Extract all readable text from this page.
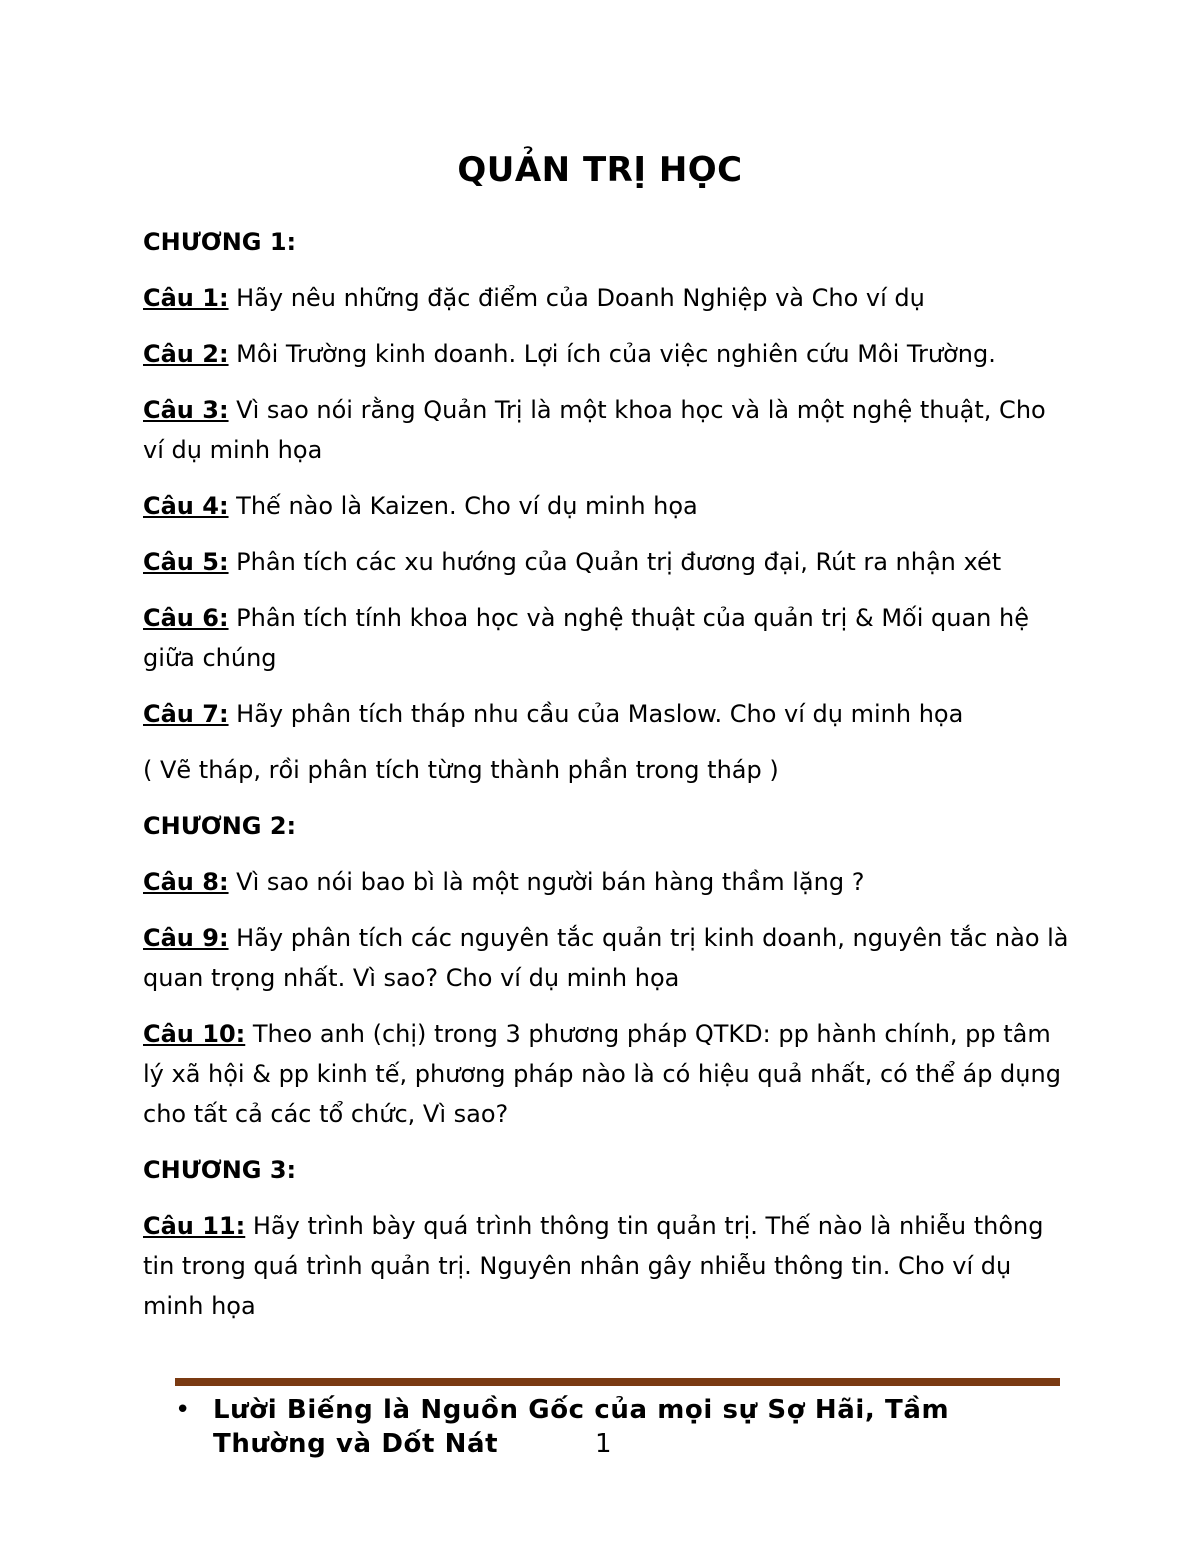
QUẢN TRỊ HỌC

CHƯƠNG 1:

Câu 1: Hãy nêu những đặc điểm của Doanh Nghiệp và Cho ví dụ

Câu 2: Môi Trường kinh doanh. Lợi ích của việc nghiên cứu Môi Trường.

Câu 3: Vì sao nói rằng Quản Trị là một khoa học và là một nghệ thuật, Cho ví dụ minh họa

Câu 4: Thế nào là Kaizen. Cho ví dụ minh họa

Câu 5: Phân tích các xu hướng của Quản trị đương đại, Rút ra nhận xét

Câu 6: Phân tích tính khoa học và nghệ thuật của quản trị & Mối quan hệ giữa chúng

Câu 7: Hãy phân tích tháp nhu cầu của Maslow. Cho ví dụ minh họa

( Vẽ tháp, rồi phân tích từng thành phần trong tháp )

CHƯƠNG 2:

Câu 8: Vì sao nói bao bì là một người bán hàng thầm lặng ?

Câu 9: Hãy phân tích các nguyên tắc quản trị kinh doanh, nguyên tắc nào là quan trọng nhất. Vì sao? Cho ví dụ minh họa

Câu 10: Theo anh (chị) trong 3 phương pháp QTKD: pp hành chính, pp tâm lý xã hội & pp kinh tế, phương pháp nào là có hiệu quả nhất, có thể áp dụng cho tất cả các tổ chức, Vì sao?

CHƯƠNG 3:

Câu 11: Hãy trình bày quá trình thông tin quản trị. Thế nào là nhiễu thông tin trong quá trình quản trị. Nguyên nhân gây nhiễu thông tin. Cho ví dụ minh họa

• Lười Biếng là Nguồn Gốc của mọi sự Sợ Hãi, Tầm Thường và Dốt Nát	1
